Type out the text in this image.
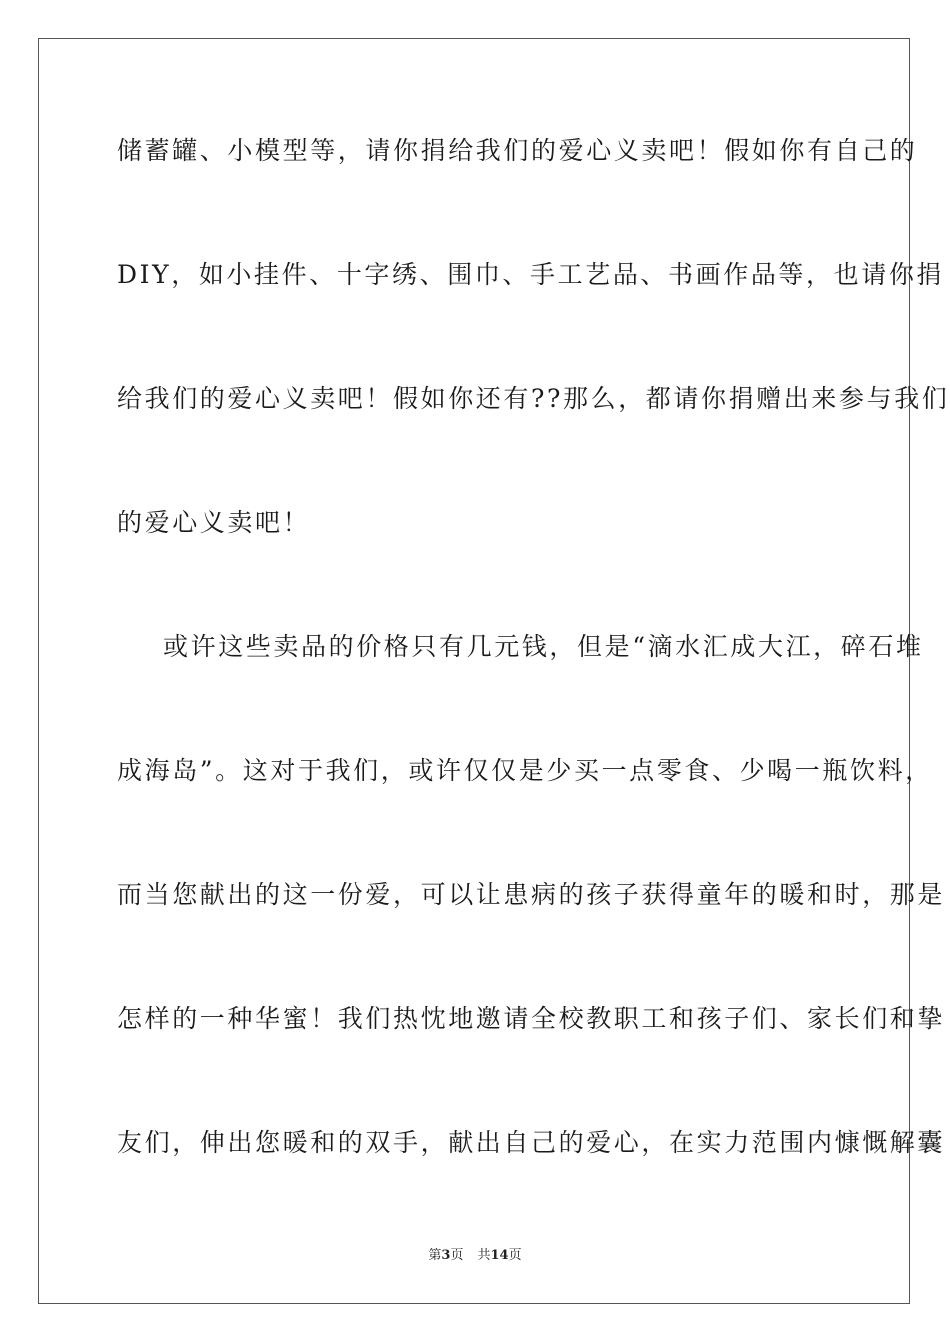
储蓄罐、小模型等，请你捐给我们的爱心义卖吧！假如你有自己的
DIY，如小挂件、十字绣、围巾、手工艺品、书画作品等，也请你捐
给我们的爱心义卖吧！假如你还有??那么，都请你捐赠出来参与我们
的爱心义卖吧！
或许这些卖品的价格只有几元钱，但是“滴水汇成大江，碎石堆
成海岛”。这对于我们，或许仅仅是少买一点零食、少喝一瓶饮料，
而当您献出的这一份爱，可以让患病的孩子获得童年的暖和时，那是
怎样的一种华蜜！我们热忱地邀请全校教职工和孩子们、家长们和挚
友们，伸出您暖和的双手，献出自己的爱心，在实力范围内慷慨解囊
第3页 共14页
